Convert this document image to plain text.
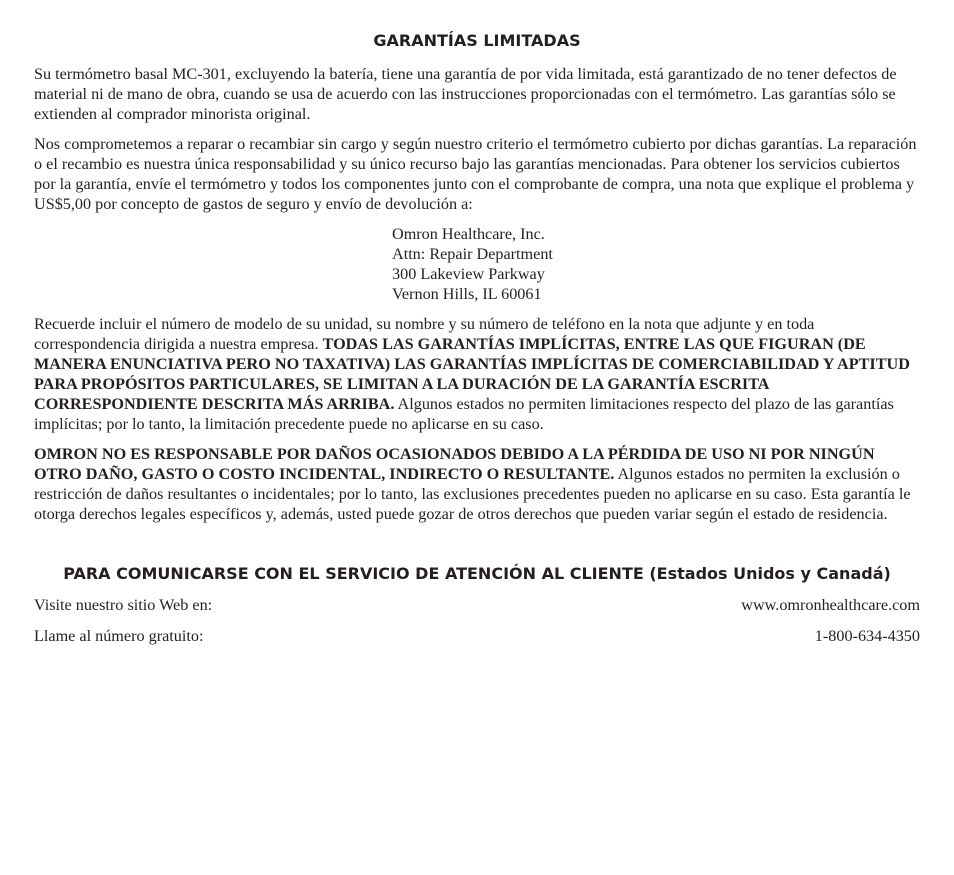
GARANTÍAS LIMITADAS

Su termómetro basal MC-301, excluyendo la batería, tiene una garantía de por vida limitada, está garantizado de no tener defectos de material ni de mano de obra, cuando se usa de acuerdo con las instrucciones proporcionadas con el termómetro. Las garantías sólo se extienden al comprador minorista original.

Nos comprometemos a reparar o recambiar sin cargo y según nuestro criterio el termómetro cubierto por dichas garantías. La reparación o el recambio es nuestra única responsabilidad y su único recurso bajo las garantías mencionadas. Para obtener los servicios cubiertos por la garantía, envíe el termómetro y todos los componentes junto con el comprobante de compra, una nota que explique el problema y US$5,00 por concepto de gastos de seguro y envío de devolución a:

Omron Healthcare, Inc.
Attn: Repair Department
300 Lakeview Parkway
Vernon Hills, IL 60061

Recuerde incluir el número de modelo de su unidad, su nombre y su número de teléfono en la nota que adjunte y en toda correspondencia dirigida a nuestra empresa. TODAS LAS GARANTÍAS IMPLÍCITAS, ENTRE LAS QUE FIGURAN (DE MANERA ENUNCIATIVA PERO NO TAXATIVA) LAS GARANTÍAS IMPLÍCITAS DE COMERCIABILIDAD Y APTITUD PARA PROPÓSITOS PARTICULARES, SE LIMITAN A LA DURACIÓN DE LA GARANTÍA ESCRITA CORRESPONDIENTE DESCRITA MÁS ARRIBA. Algunos estados no permiten limitaciones respecto del plazo de las garantías implícitas; por lo tanto, la limitación precedente puede no aplicarse en su caso.

OMRON NO ES RESPONSABLE POR DAÑOS OCASIONADOS DEBIDO A LA PÉRDIDA DE USO NI POR NINGÚN OTRO DAÑO, GASTO O COSTO INCIDENTAL, INDIRECTO O RESULTANTE. Algunos estados no permiten la exclusión o restricción de daños resultantes o incidentales; por lo tanto, las exclusiones precedentes pueden no aplicarse en su caso. Esta garantía le otorga derechos legales específicos y, además, usted puede gozar de otros derechos que pueden variar según el estado de residencia.

PARA COMUNICARSE CON EL SERVICIO DE ATENCIÓN AL CLIENTE (Estados Unidos y Canadá)
Visite nuestro sitio Web en:	www.omronhealthcare.com
Llame al número gratuito:	1-800-634-4350
